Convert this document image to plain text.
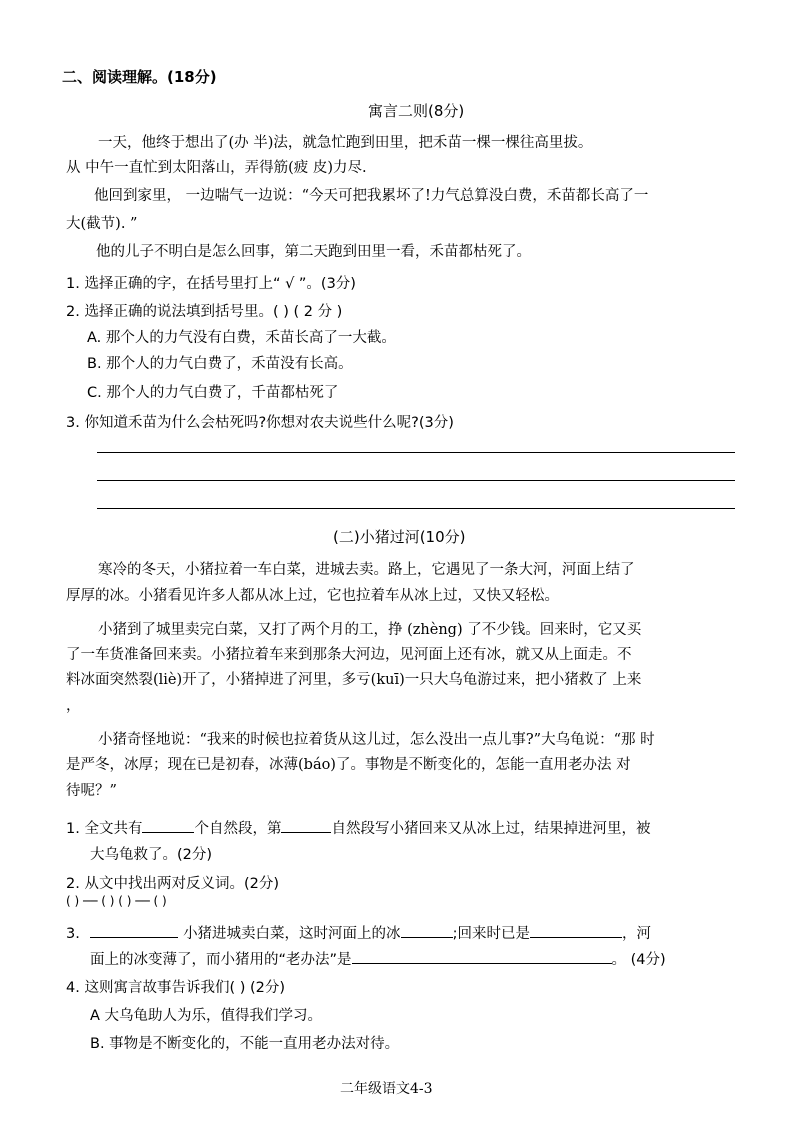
二、阅读理解。(18分)
寓言二则(8分)
一天，他终于想出了(办 半)法，就急忙跑到田里，把禾苗一棵一棵往高里拔。
从 中午一直忙到太阳落山，弄得筋(疲 皮)力尽.
他回到家里， 一边喘气一边说：“今天可把我累坏了!力气总算没白费，禾苗都长高了一
大(截节). ”
他的儿子不明白是怎么回事，第二天跑到田里一看，禾苗都枯死了。
1. 选择正确的字，在括号里打上“ √ ”。(3分)
2. 选择正确的说法填到括号里。( ) ( 2 分 )
A. 那个人的力气没有白费，禾苗长高了一大截。
B. 那个人的力气白费了，禾苗没有长高。
C. 那个人的力气白费了，千苗都枯死了
3. 你知道禾苗为什么会枯死吗?你想对农夫说些什么呢?(3分)
(二)小猪过河(10分)
寒冷的冬天，小猪拉着一车白菜，进城去卖。路上，它遇见了一条大河，河面上结了
厚厚的冰。小猪看见许多人都从冰上过，它也拉着车从冰上过，又快又轻松。
小猪到了城里卖完白菜，又打了两个月的工，挣 (zhèng) 了不少钱。回来时，它又买
了一车货准备回来卖。小猪拉着车来到那条大河边，见河面上还有冰，就又从上面走。不
料冰面突然裂(liè)开了，小猪掉进了河里，多亏(kuī)一只大乌龟游过来，把小猪救了 上来
，
小猪奇怪地说：“我来的时候也拉着货从这儿过，怎么没出一点儿事?”大乌龟说：“那 时
是严冬，冰厚；现在已是初春，冰薄(báo)了。事物是不断变化的，怎能一直用老办法 对
待呢？”
1. 全文共有	个自然段，第	自然段写小猪回来又从冰上过，结果掉进河里，被
大乌龟救了。(2分)
2. 从文中找出两对反义词。(2分)
( ) ── ( ) ( ) ── ( )
3.	小猪进城卖白菜，这时河面上的冰	;回来时已是	，河
面上的冰变薄了，而小猪用的“老办法”是	。 (4分)
4. 这则寓言故事告诉我们( ) (2分)
A 大乌龟助人为乐，值得我们学习。
B. 事物是不断变化的，不能一直用老办法对待。
二年级语文4-3
